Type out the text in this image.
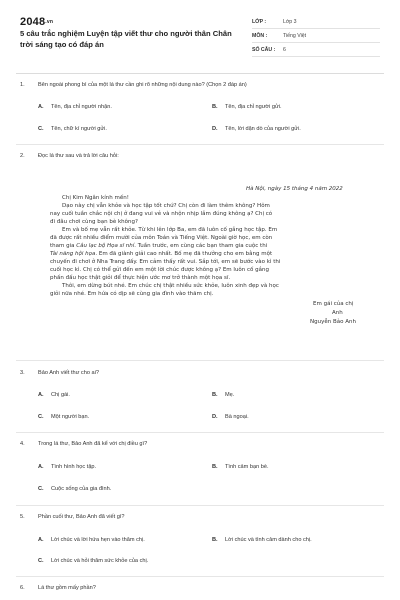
2048.vn
5 câu trắc nghiệm Luyện tập viết thư cho người thân Chân trời sáng tạo có đáp án
LỚP :	Lớp 3
MÔN :	Tiếng Việt
SỐ CÂU :	6
1.	Bên ngoài phong bì của một lá thư cần ghi rõ những nội dung nào? (Chọn 2 đáp án)
A. Tên, địa chỉ người nhận.	B. Tên, địa chỉ người gửi.
C. Tên, chữ kí người gửi.	D. Tên, lời dặn dò của người gửi.
2.	Đọc lá thư sau và trả lời câu hỏi:
Hà Nội, ngày 15 tháng 4 năm 2022
Chị Kim Ngân kính mến!
Dạo này chị vẫn khỏe và học tập tốt chứ? Chị còn đi làm thêm không? Hôm
nay cuối tuần chắc nội chị ở đang vui vẻ và nhộn nhịp lắm đúng không ạ? Chị có
đi đâu chơi cùng bạn bè không?
Em và bố mẹ vẫn rất khỏe. Từ khi lên lớp Ba, em đã luôn cố gắng học tập. Em
đã được rất nhiều điểm mười của môn Toán và Tiếng Việt. Ngoài giờ học, em còn
tham gia Câu lạc bộ Họa sĩ nhí. Tuần trước, em cùng các bạn tham gia cuộc thi
Tài năng hội họa. Em đã giành giải cao nhất. Bố mẹ đã thưởng cho em bằng một
chuyến đi chơi ở Nha Trang đấy. Em cảm thấy rất vui. Sắp tới, em sẽ bước vào kì thi
cuối học kì. Chị có thể gửi đến em một lời chúc được không ạ? Em luôn cố gắng
phấn đấu học thật giỏi để thực hiện ước mơ trở thành một họa sĩ.
Thôi, em dừng bút nhé. Em chúc chị thật nhiều sức khỏe, luôn xinh đẹp và học
giỏi nữa nhé. Em hứa có dịp sẽ cùng gia đình vào thăm chị.
Em gái của chị
Anh
Nguyễn Bảo Anh
3.	Bảo Anh viết thư cho ai?
A. Chị gái.	B. Mẹ.
C. Một người bạn.	D. Bà ngoại.
4.	Trong lá thư, Bảo Anh đã kể với chị điều gì?
A. Tình hình học tập.	B. Tình cảm bạn bè.
C. Cuộc sống của gia đình.
5.	Phần cuối thư, Bảo Anh đã viết gì?
A. Lời chúc và lời hứa hẹn vào thăm chị.	B. Lời chúc và tình cảm dành cho chị.
C. Lời chúc và hỏi thăm sức khỏe của chị.
6.	Lá thư gồm mấy phần?
